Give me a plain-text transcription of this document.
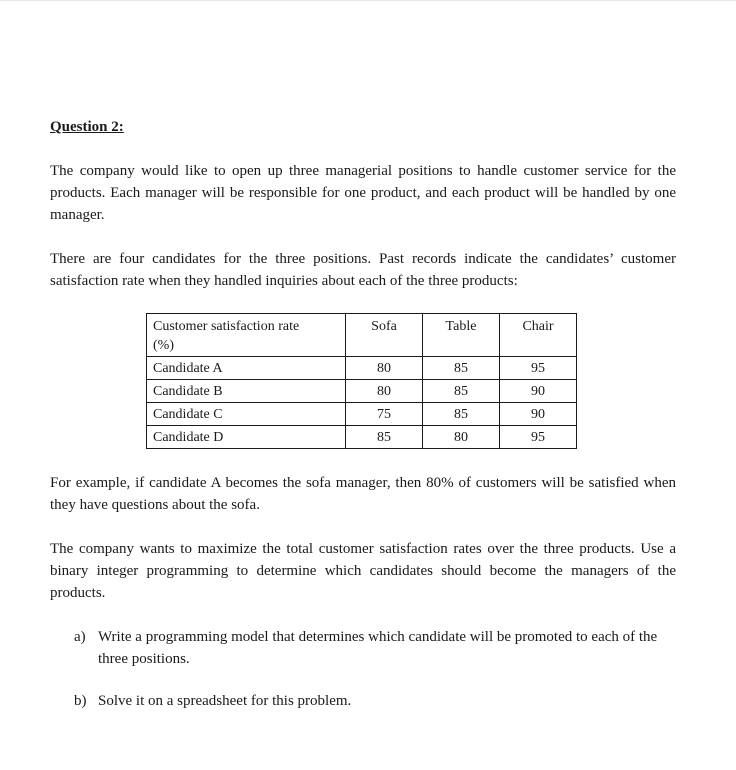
Question 2:
The company would like to open up three managerial positions to handle customer service for the products. Each manager will be responsible for one product, and each product will be handled by one manager.
There are four candidates for the three positions. Past records indicate the candidates’ customer satisfaction rate when they handled inquiries about each of the three products:
Customer satisfaction rate
(%)	Sofa	Table	Chair
Candidate A	80	85	95
Candidate B	80	85	90
Candidate C	75	85	90
Candidate D	85	80	95
For example, if candidate A becomes the sofa manager, then 80% of customers will be satisfied when they have questions about the sofa.
The company wants to maximize the total customer satisfaction rates over the three products. Use a binary integer programming to determine which candidates should become the managers of the products.
a) Write a programming model that determines which candidate will be promoted to each of the three positions.
b) Solve it on a spreadsheet for this problem.
